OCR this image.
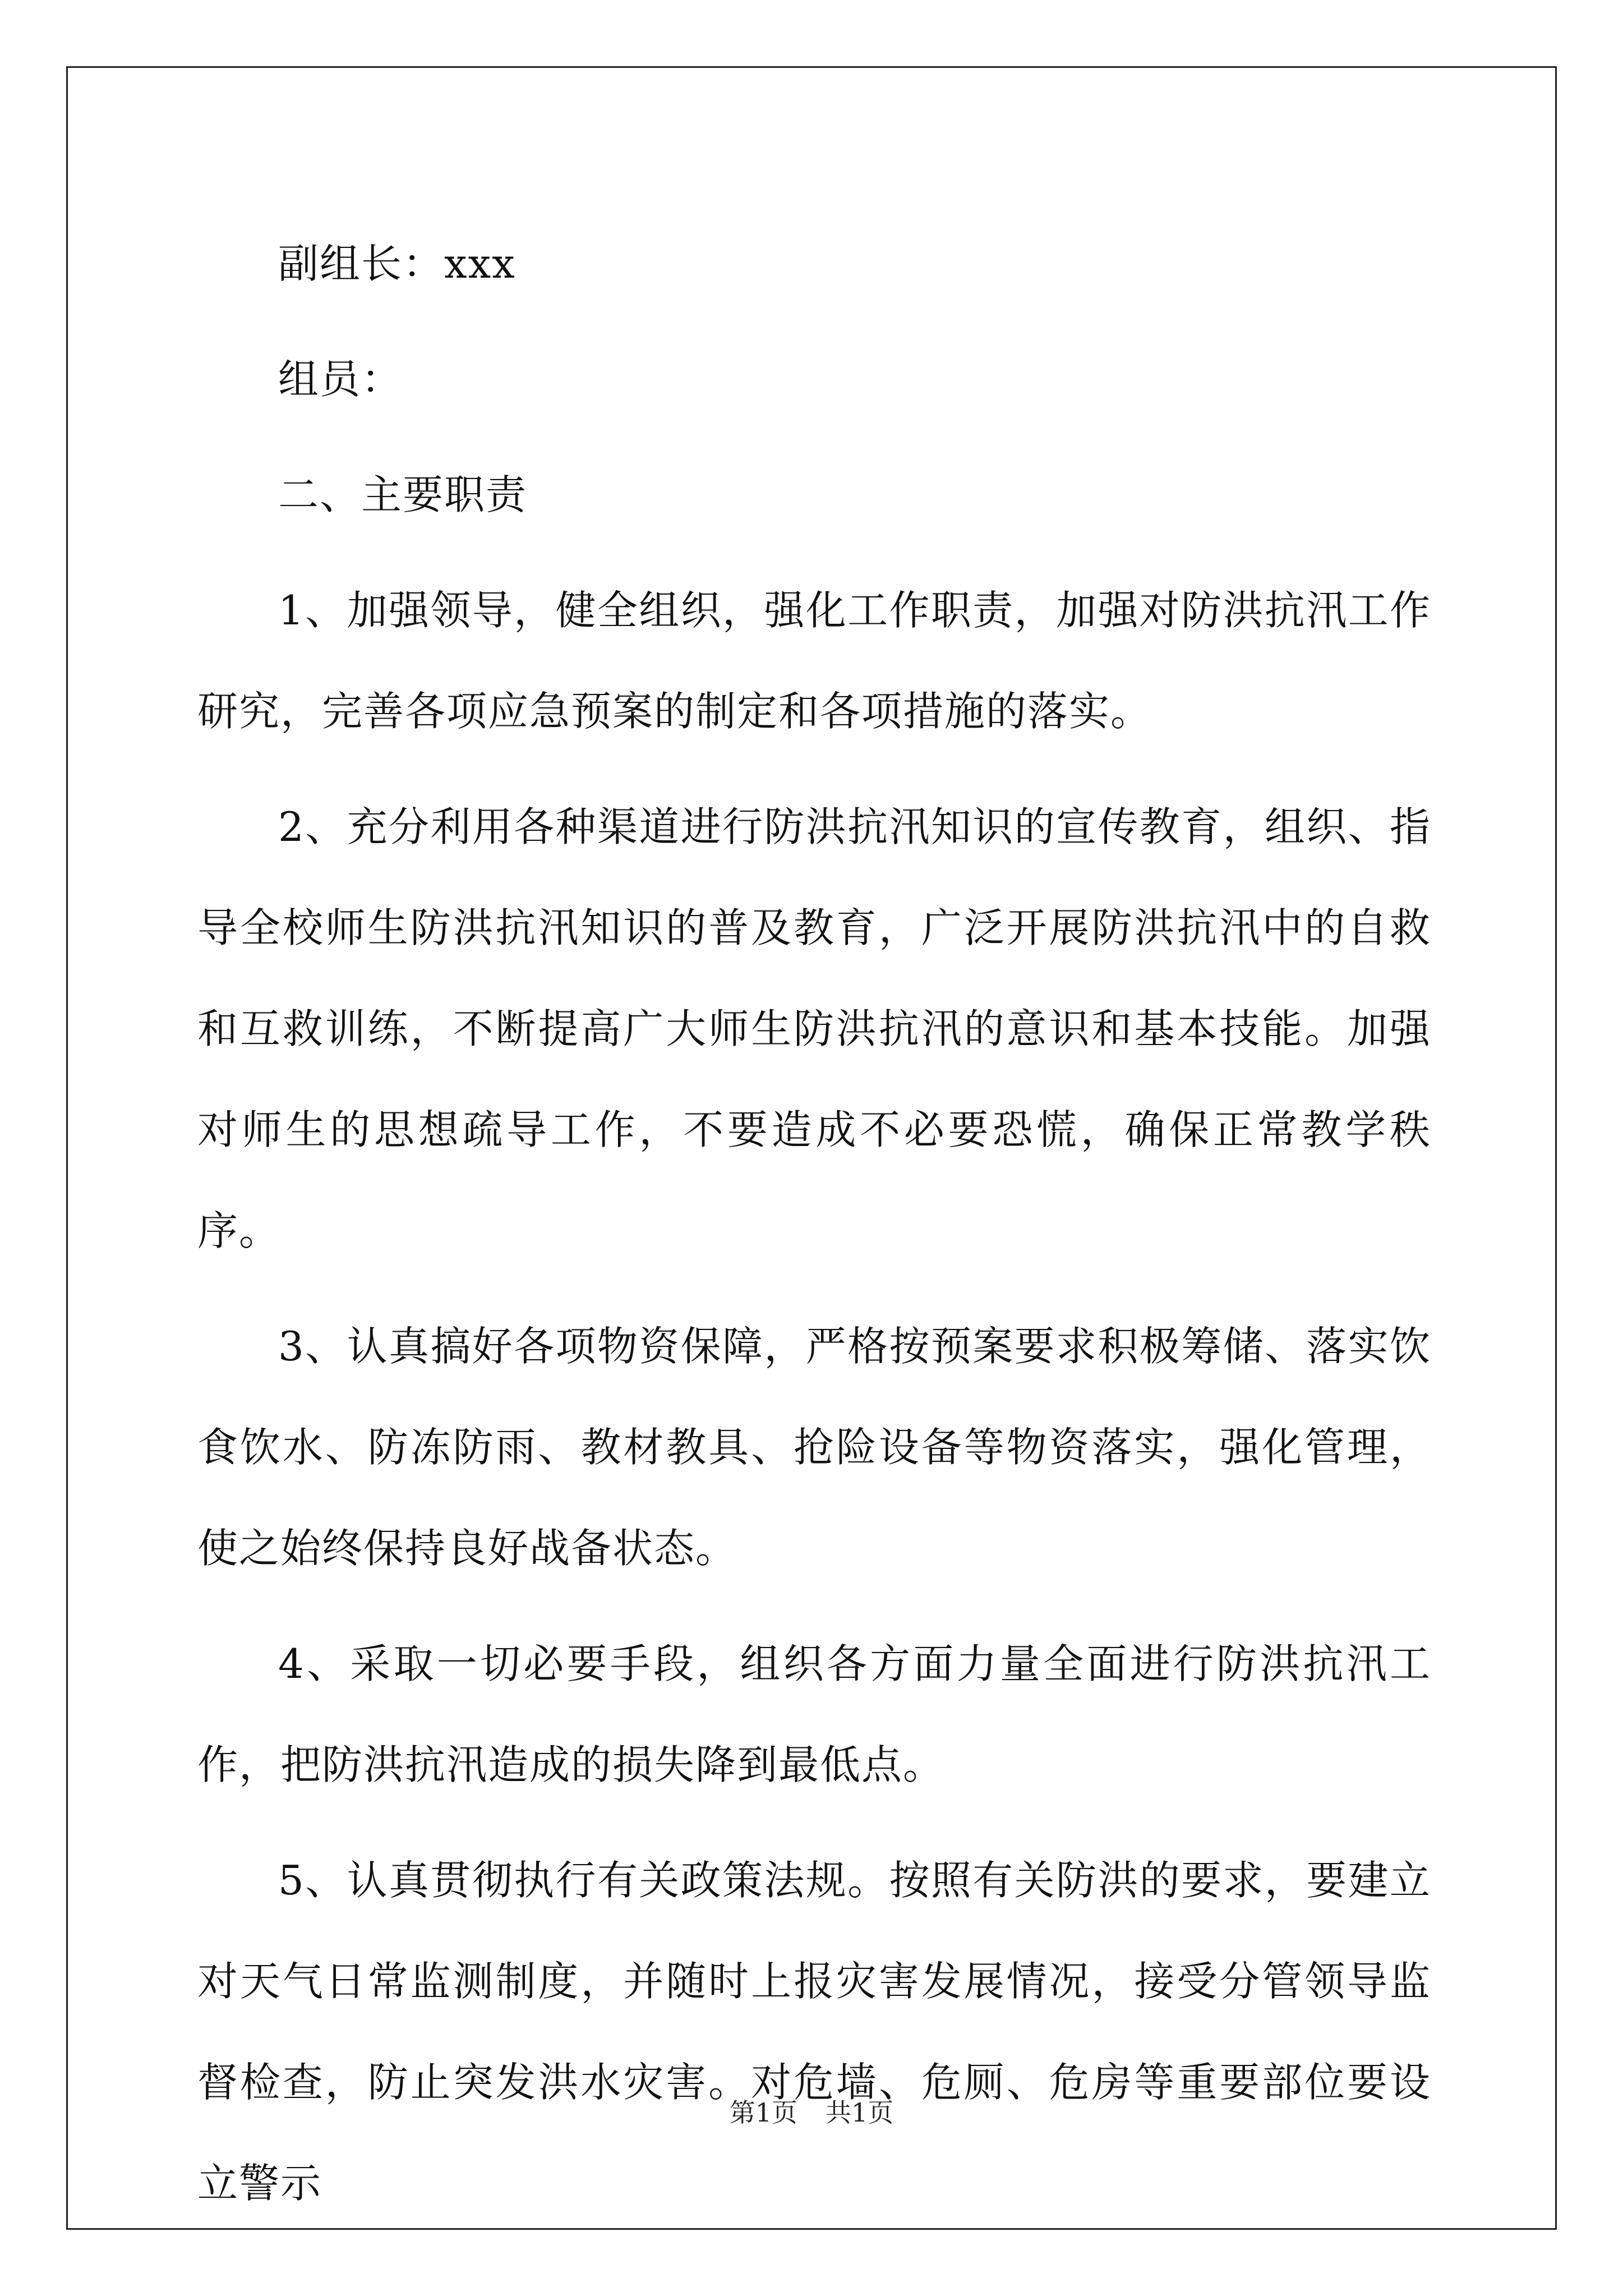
副组长：xxx

组员：

二、主要职责

1、加强领导，健全组织，强化工作职责，加强对防洪抗汛工作研究，完善各项应急预案的制定和各项措施的落实。

2、充分利用各种渠道进行防洪抗汛知识的宣传教育，组织、指导全校师生防洪抗汛知识的普及教育，广泛开展防洪抗汛中的自救和互救训练，不断提高广大师生防洪抗汛的意识和基本技能。加强对师生的思想疏导工作，不要造成不必要恐慌，确保正常教学秩序。

3、认真搞好各项物资保障，严格按预案要求积极筹储、落实饮食饮水、防冻防雨、教材教具、抢险设备等物资落实，强化管理，使之始终保持良好战备状态。

4、采取一切必要手段，组织各方面力量全面进行防洪抗汛工作，把防洪抗汛造成的损失降到最低点。

5、认真贯彻执行有关政策法规。按照有关防洪的要求，要建立对天气日常监测制度，并随时上报灾害发展情况，接受分管领导监督检查，防止突发洪水灾害。对危墙、危厕、危房等重要部位要设立警示

第1页 共1页
